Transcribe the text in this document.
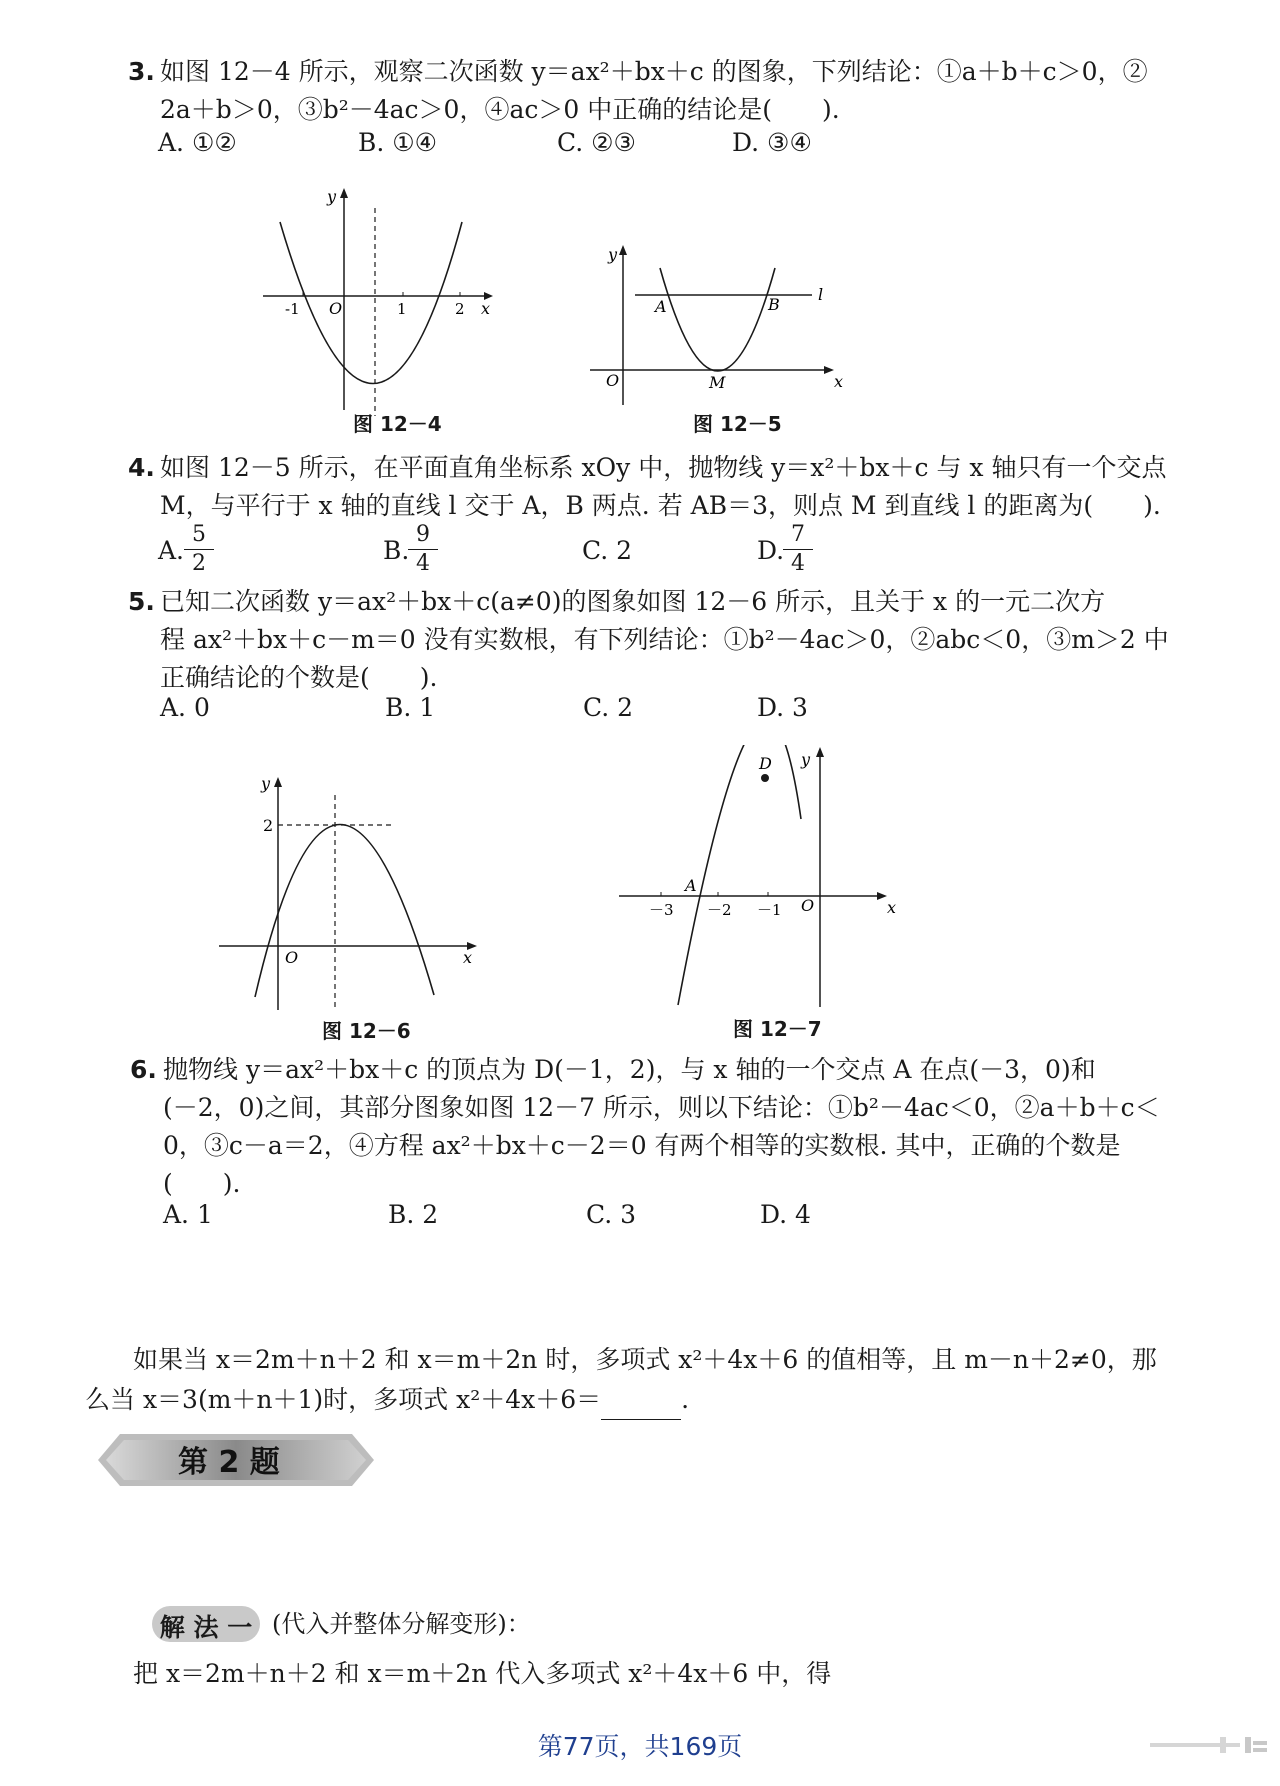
3. 如图 12－4 所示，观察二次函数 y＝ax²＋bx＋c 的图象，下列结论：①a＋b＋c＞0，②
2a＋b＞0，③b²－4ac＞0，④ac＞0 中正确的结论是(　　).
A. ①②	B. ①④	C. ②③	D. ③④
y
x
O
-1	1	2
图 12－4
y
x
O
A	B
M
l
图 12－5
4. 如图 12－5 所示，在平面直角坐标系 xOy 中，抛物线 y＝x²＋bx＋c 与 x 轴只有一个交点
M，与平行于 x 轴的直线 l 交于 A，B 两点. 若 AB＝3，则点 M 到直线 l 的距离为(　　).
A.
5
2	B.
9
4	C. 2	D.
7
4
5. 已知二次函数 y＝ax²＋bx＋c(a≠0)的图象如图 12－6 所示，且关于 x 的一元二次方
程 ax²＋bx＋c－m＝0 没有实数根，有下列结论：①b²－4ac＞0，②abc＜0，③m＞2 中
正确结论的个数是(　　).
A. 0	B. 1	C. 2	D. 3
y
x
O
2
图 12－6
y
x
O
D
A
－3 －2 －1
图 12－7
6. 抛物线 y＝ax²＋bx＋c 的顶点为 D(－1，2)，与 x 轴的一个交点 A 在点(－3，0)和
(－2，0)之间，其部分图象如图 12－7 所示，则以下结论：①b²－4ac＜0，②a＋b＋c＜
0，③c－a＝2，④方程 ax²＋bx＋c－2＝0 有两个相等的实数根. 其中，正确的个数是
(　　).
A. 1	B. 2	C. 3	D. 4
第 2 题
如果当 x＝2m＋n＋2 和 x＝m＋2n 时，多项式 x²＋4x＋6 的值相等，且 m－n＋2≠0，那
么当 x＝3(m＋n＋1)时，多项式 x²＋4x＋6＝	.
解 法 一 (代入并整体分解变形)：
把 x＝2m＋n＋2 和 x＝m＋2n 代入多项式 x²＋4x＋6 中，得
第77页，共169页
